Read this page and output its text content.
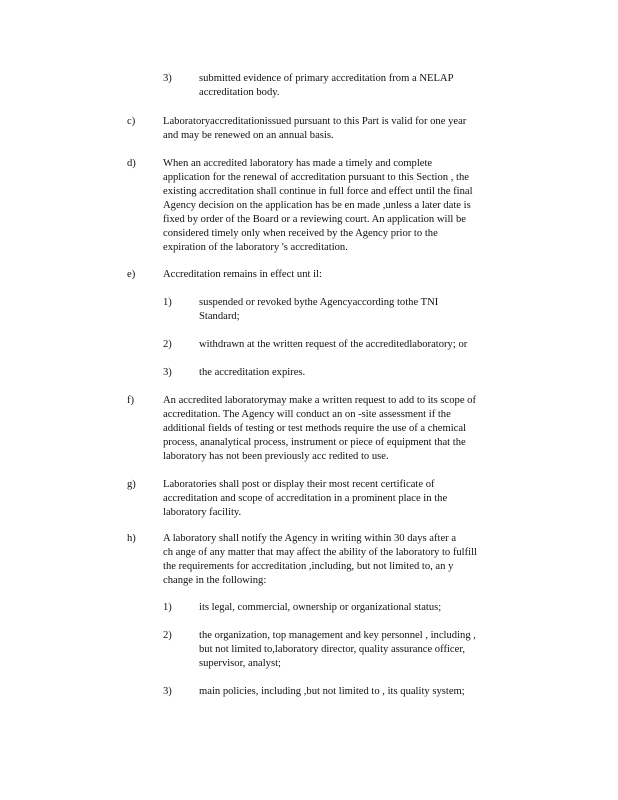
3)	submitted evidence of primary accreditation from a NELAP
accreditation body.
c)	Laboratoryaccreditationissued pursuant to this Part is valid for one year
and may be renewed on an annual basis.
d)	When an accredited laboratory has made a timely and complete
application for the renewal of accreditation pursuant to this Section , the
existing accreditation shall continue in full force and effect until the final
Agency decision on the application has be en made ,unless a later date is
fixed by order of the Board or a reviewing court. An application will be
considered timely only when received by the Agency prior to the
expiration of the laboratory 's accreditation.
e)	Accreditation remains in effect unt il:
1)	suspended or revoked bythe Agencyaccording tothe TNI
Standard;
2)	withdrawn at the written request of the accreditedlaboratory; or
3)	the accreditation expires.
f)	An accredited laboratorymay make a written request to add to its scope of
accreditation. The Agency will conduct an on -site assessment if the
additional fields of testing or test methods require the use of a chemical
process, ananalytical process, instrument or piece of equipment that the
laboratory has not been previously acc redited to use.
g)	Laboratories shall post or display their most recent certificate of
accreditation and scope of accreditation in a prominent place in the
laboratory facility.
h)	A laboratory shall notify the Agency in writing within 30 days after a
ch ange of any matter that may affect the ability of the laboratory to fulfill
the requirements for accreditation ,including, but not limited to, an y
change in the following:
1)	its legal, commercial, ownership or organizational status;
2)	the organization, top management and key personnel , including ,
but not limited to,laboratory director, quality assurance officer,
supervisor, analyst;
3)	main policies, including ,but not limited to , its quality system;
